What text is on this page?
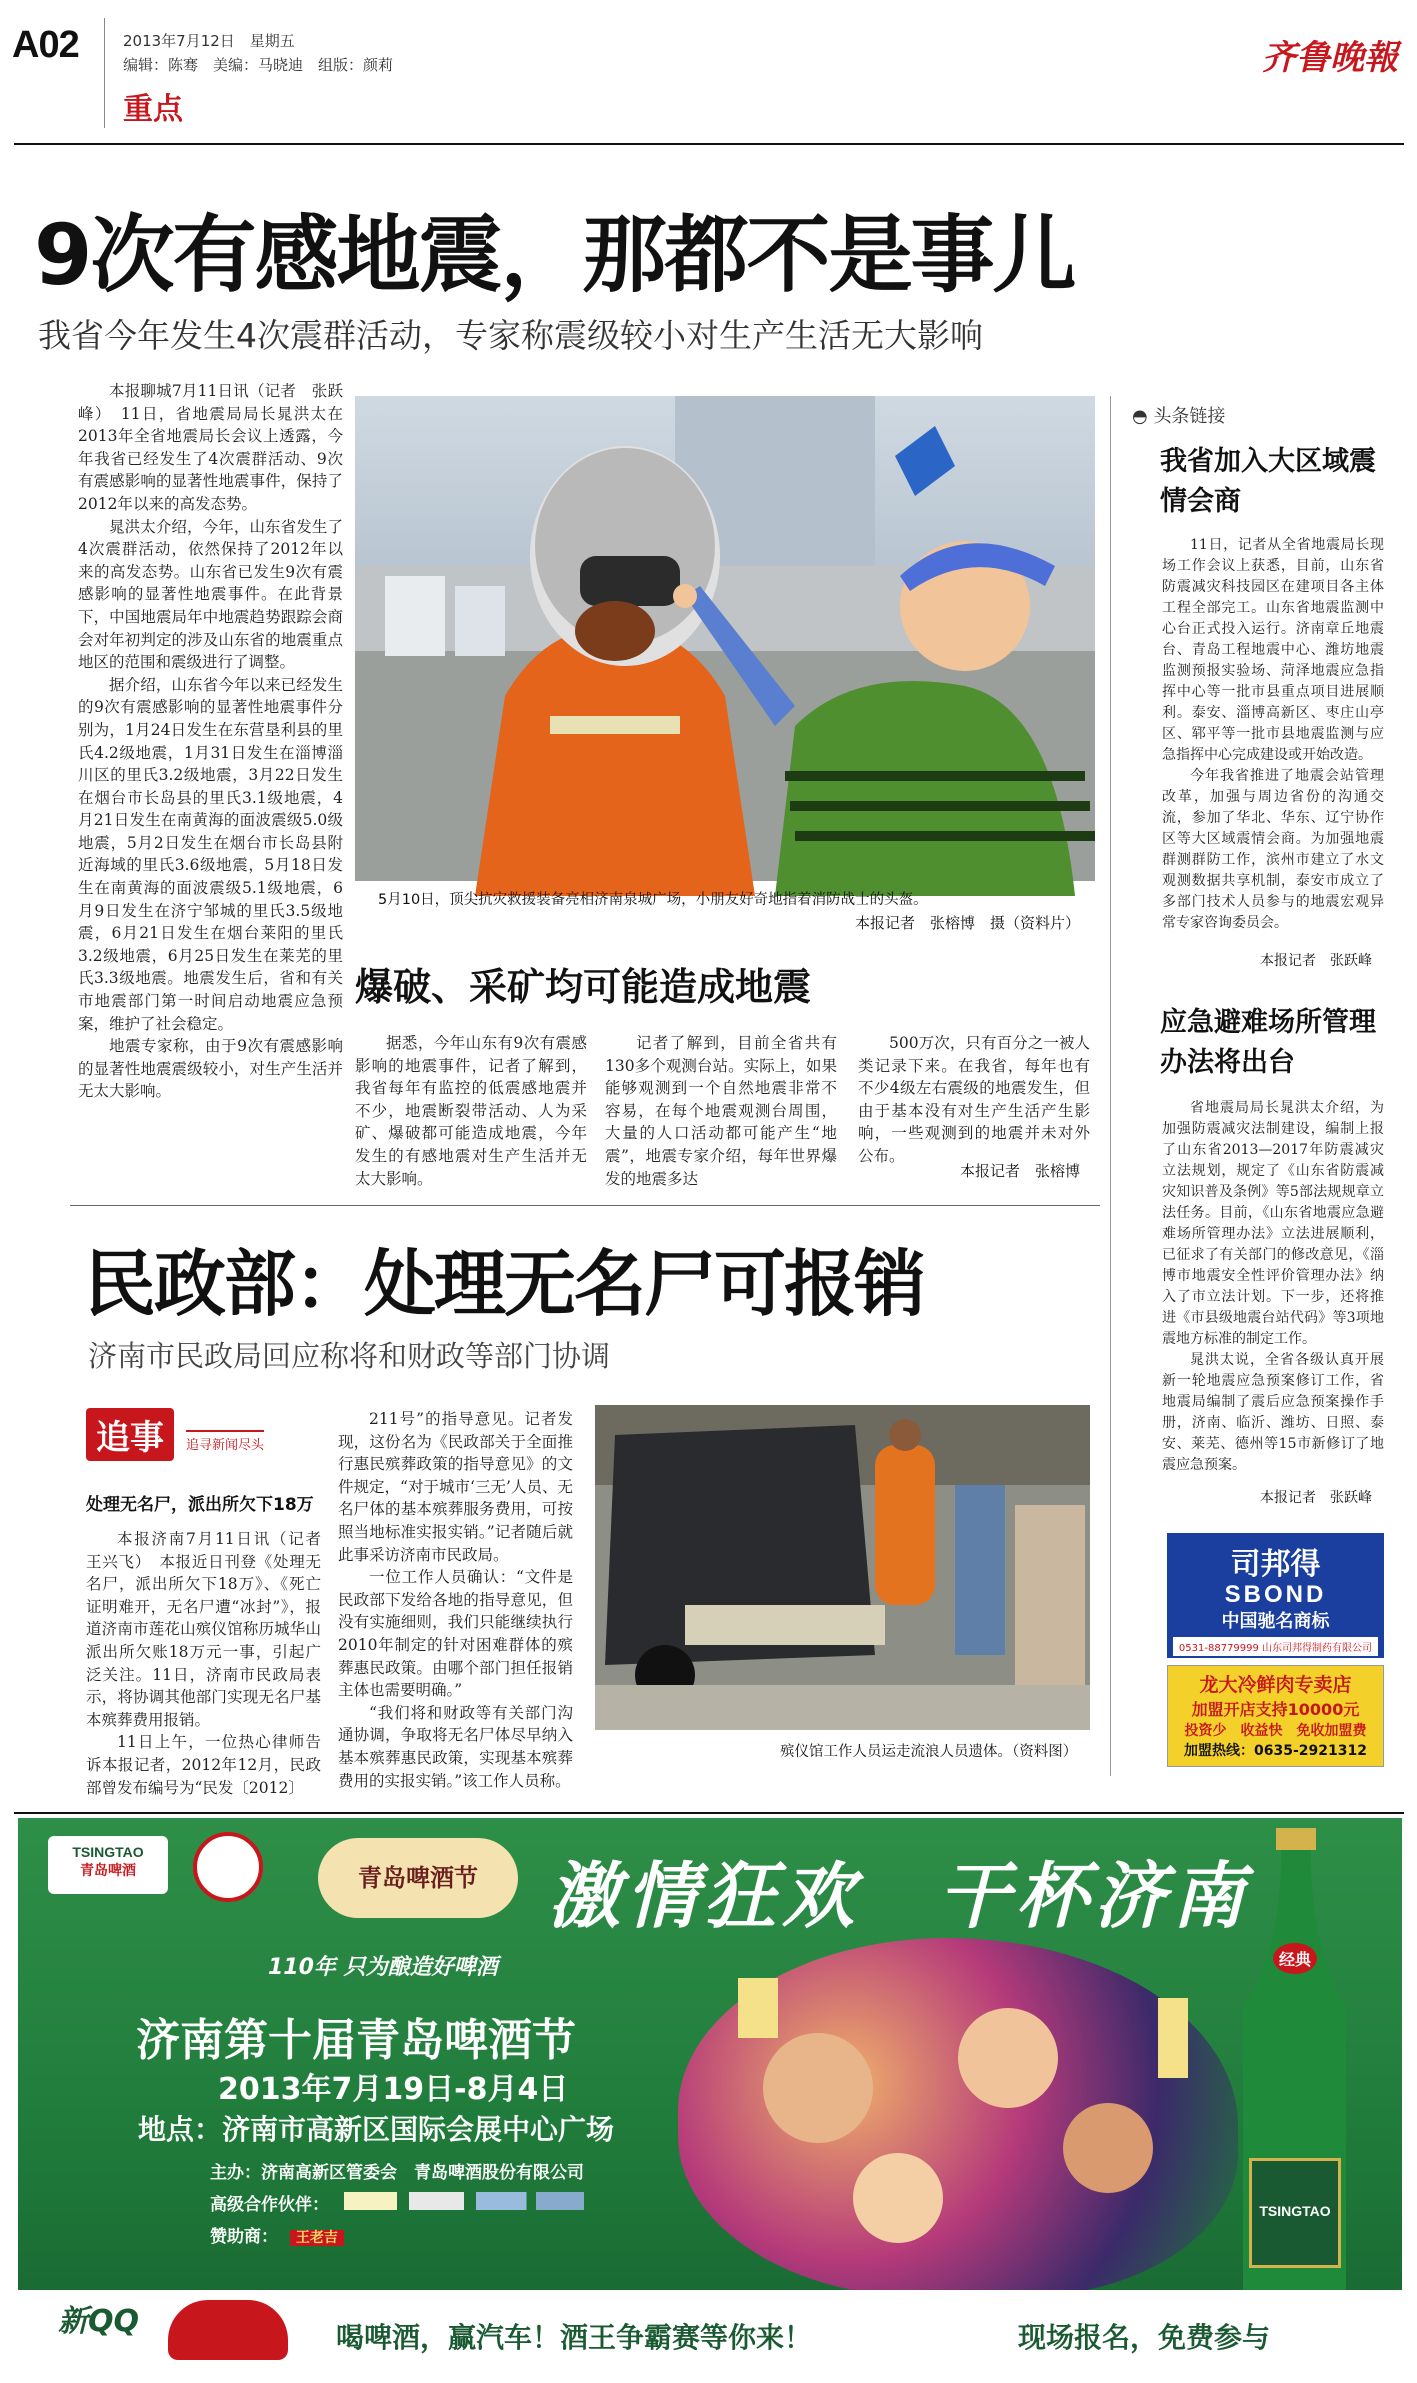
A02	2013年7月12日　星期五
编辑：陈骞　美编：马晓迪　组版：颜莉
重点
齐鲁晚報
9次有感地震，那都不是事儿
我省今年发生4次震群活动，专家称震级较小对生产生活无大影响

本报聊城7月11日讯（记者　张跃峰）　11日，省地震局局长晁洪太在2013年全省地震局长会议上透露，今年我省已经发生了4次震群活动、9次有震感影响的显著性地震事件，保持了2012年以来的高发态势。

晁洪太介绍，今年，山东省发生了4次震群活动，依然保持了2012年以来的高发态势。山东省已发生9次有震感影响的显著性地震事件。在此背景下，中国地震局年中地震趋势跟踪会商会对年初判定的涉及山东省的地震重点地区的范围和震级进行了调整。

据介绍，山东省今年以来已经发生的9次有震感影响的显著性地震事件分别为，1月24日发生在东营垦利县的里氏4.2级地震，1月31日发生在淄博淄川区的里氏3.2级地震，3月22日发生在烟台市长岛县的里氏3.1级地震，4月21日发生在南黄海的面波震级5.0级地震，5月2日发生在烟台市长岛县附近海域的里氏3.6级地震，5月18日发生在南黄海的面波震级5.1级地震，6月9日发生在济宁邹城的里氏3.5级地震，6月21日发生在烟台莱阳的里氏3.2级地震，6月25日发生在莱芜的里氏3.3级地震。地震发生后，省和有关市地震部门第一时间启动地震应急预案，维护了社会稳定。

地震专家称，由于9次有震感影响的显著性地震震级较小，对生产生活并无太大影响。

5月10日，顶尖抗灾救援装备亮相济南泉城广场，小朋友好奇地指着消防战士的头盔。
本报记者　张榕博　摄（资料片）
爆破、采矿均可能造成地震

据悉，今年山东有9次有震感影响的地震事件，记者了解到，我省每年有监控的低震感地震并不少，地震断裂带活动、人为采矿、爆破都可能造成地震，今年发生的有感地震对生产生活并无太大影响。

记者了解到，目前全省共有130多个观测台站。实际上，如果能够观测到一个自然地震非常不容易，在每个地震观测台周围，大量的人口活动都可能产生“地震”，地震专家介绍，每年世界爆发的地震多达

500万次，只有百分之一被人类记录下来。在我省，每年也有不少4级左右震级的地震发生，但由于基本没有对生产生活产生影响，一些观测到的地震并未对外公布。

本报记者　张榕博
◓ 头条链接
我省加入大区域震情会商

11日，记者从全省地震局长现场工作会议上获悉，目前，山东省防震减灾科技园区在建项目各主体工程全部完工。山东省地震监测中心台正式投入运行。济南章丘地震台、青岛工程地震中心、潍坊地震监测预报实验场、菏泽地震应急指挥中心等一批市县重点项目进展顺利。泰安、淄博高新区、枣庄山亭区、郓平等一批市县地震监测与应急指挥中心完成建设或开始改造。

今年我省推进了地震会站管理改革，加强与周边省份的沟通交流，参加了华北、华东、辽宁协作区等大区域震情会商。为加强地震群测群防工作，滨州市建立了水文观测数据共享机制，泰安市成立了多部门技术人员参与的地震宏观异常专家咨询委员会。

本报记者　张跃峰
应急避难场所管理办法将出台

省地震局局长晁洪太介绍，为加强防震减灾法制建设，编制上报了山东省2013—2017年防震减灾立法规划，规定了《山东省防震减灾知识普及条例》等5部法规规章立法任务。目前，《山东省地震应急避难场所管理办法》立法进展顺利，已征求了有关部门的修改意见，《淄博市地震安全性评价管理办法》纳入了市立法计划。下一步，还将推进《市县级地震台站代码》等3项地震地方标准的制定工作。

晁洪太说，全省各级认真开展新一轮地震应急预案修订工作，省地震局编制了震后应急预案操作手册，济南、临沂、潍坊、日照、泰安、莱芜、德州等15市新修订了地震应急预案。

本报记者　张跃峰
司邦得
SBOND
中国驰名商标
0531-88779999 山东司邦得制药有限公司
龙大冷鲜肉专卖店
加盟开店支持10000元
投资少　收益快　免收加盟费
加盟热线：0635-2921312
民政部：处理无名尸可报销
济南市民政局回应称将和财政等部门协调
追事	追寻新闻尽头
处理无名尸，派出所欠下18万

本报济南7月11日讯（记者　王兴飞）　本报近日刊登《处理无名尸，派出所欠下18万》、《死亡证明难开，无名尸遭“冰封”》，报道济南市莲花山殡仪馆称历城华山派出所欠账18万元一事，引起广泛关注。11日，济南市民政局表示，将协调其他部门实现无名尸基本殡葬费用报销。

11日上午，一位热心律师告诉本报记者，2012年12月，民政部曾发布编号为“民发〔2012〕

211号”的指导意见。记者发现，这份名为《民政部关于全面推行惠民殡葬政策的指导意见》的文件规定，“对于城市‘三无’人员、无名尸体的基本殡葬服务费用，可按照当地标准实报实销。”记者随后就此事采访济南市民政局。

一位工作人员确认：“文件是民政部下发给各地的指导意见，但没有实施细则，我们只能继续执行2010年制定的针对困难群体的殡葬惠民政策。由哪个部门担任报销主体也需要明确。”

“我们将和财政等有关部门沟通协调，争取将无名尸体尽早纳入基本殡葬惠民政策，实现基本殡葬费用的实报实销。”该工作人员称。

殡仪馆工作人员运走流浪人员遗体。（资料图）
TSINGTAO
青岛啤酒	青岛啤酒节 激情狂欢　干杯济南
110年 只为酿造好啤酒
济南第十届青岛啤酒节
2013年7月19日-8月4日
地点：济南市高新区国际会展中心广场
主办：济南高新区管委会　青岛啤酒股份有限公司
高级合作伙伴：
赞助商： 王老吉
经典
TSINGTAO
新QQ	喝啤酒，赢汽车！酒王争霸赛等你来！	现场报名，免费参与
